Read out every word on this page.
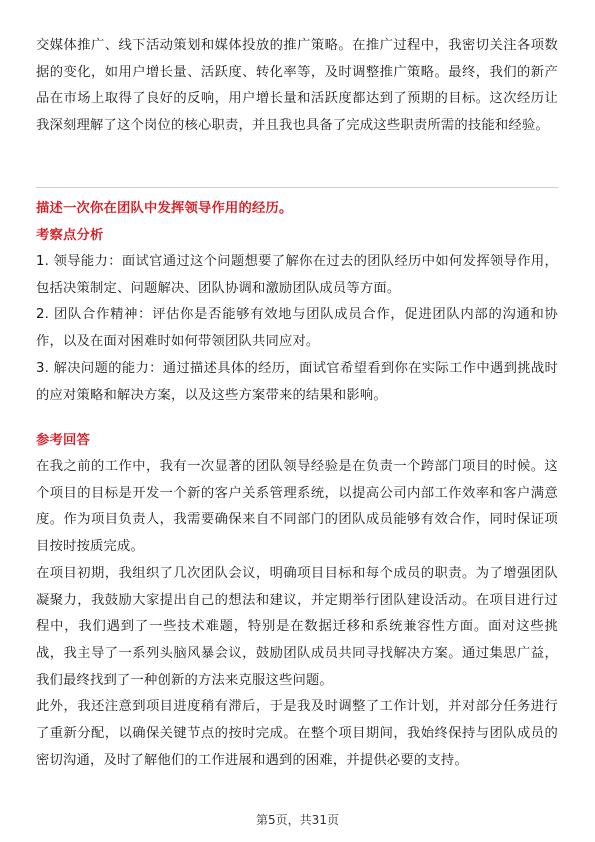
交媒体推广、线下活动策划和媒体投放的推广策略。在推广过程中，我密切关注各项数据的变化，如用户增长量、活跃度、转化率等，及时调整推广策略。最终，我们的新产品在市场上取得了良好的反响，用户增长量和活跃度都达到了预期的目标。这次经历让我深刻理解了这个岗位的核心职责，并且我也具备了完成这些职责所需的技能和经验。

描述一次你在团队中发挥领导作用的经历。

考察点分析

1. 领导能力：面试官通过这个问题想要了解你在过去的团队经历中如何发挥领导作用，包括决策制定、问题解决、团队协调和激励团队成员等方面。

2. 团队合作精神：评估你是否能够有效地与团队成员合作，促进团队内部的沟通和协作，以及在面对困难时如何带领团队共同应对。

3. 解决问题的能力：通过描述具体的经历，面试官希望看到你在实际工作中遇到挑战时的应对策略和解决方案，以及这些方案带来的结果和影响。

参考回答

在我之前的工作中，我有一次显著的团队领导经验是在负责一个跨部门项目的时候。这个项目的目标是开发一个新的客户关系管理系统，以提高公司内部工作效率和客户满意度。作为项目负责人，我需要确保来自不同部门的团队成员能够有效合作，同时保证项目按时按质完成。

在项目初期，我组织了几次团队会议，明确项目目标和每个成员的职责。为了增强团队凝聚力，我鼓励大家提出自己的想法和建议，并定期举行团队建设活动。在项目进行过程中，我们遇到了一些技术难题，特别是在数据迁移和系统兼容性方面。面对这些挑战，我主导了一系列头脑风暴会议，鼓励团队成员共同寻找解决方案。通过集思广益，我们最终找到了一种创新的方法来克服这些问题。

此外，我还注意到项目进度稍有滞后，于是我及时调整了工作计划，并对部分任务进行了重新分配，以确保关键节点的按时完成。在整个项目期间，我始终保持与团队成员的密切沟通，及时了解他们的工作进展和遇到的困难，并提供必要的支持。

第5页，共31页
